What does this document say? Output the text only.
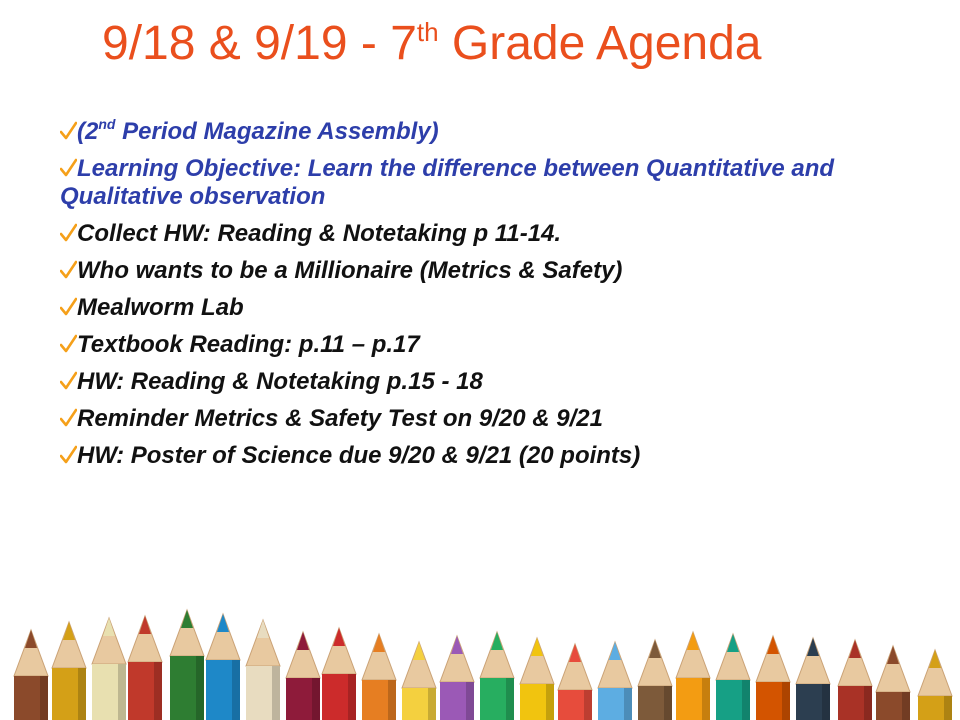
9/18 & 9/19 - 7th Grade Agenda
(2nd Period Magazine Assembly)
Learning Objective: Learn the difference between Quantitative and Qualitative observation
Collect HW: Reading & Notetaking p 11-14.
Who wants to be a Millionaire (Metrics & Safety)
Mealworm Lab
Textbook Reading: p.11 – p.17
HW: Reading & Notetaking p.15 - 18
Reminder Metrics & Safety Test on 9/20 & 9/21
HW: Poster of Science due 9/20 & 9/21 (20 points)
